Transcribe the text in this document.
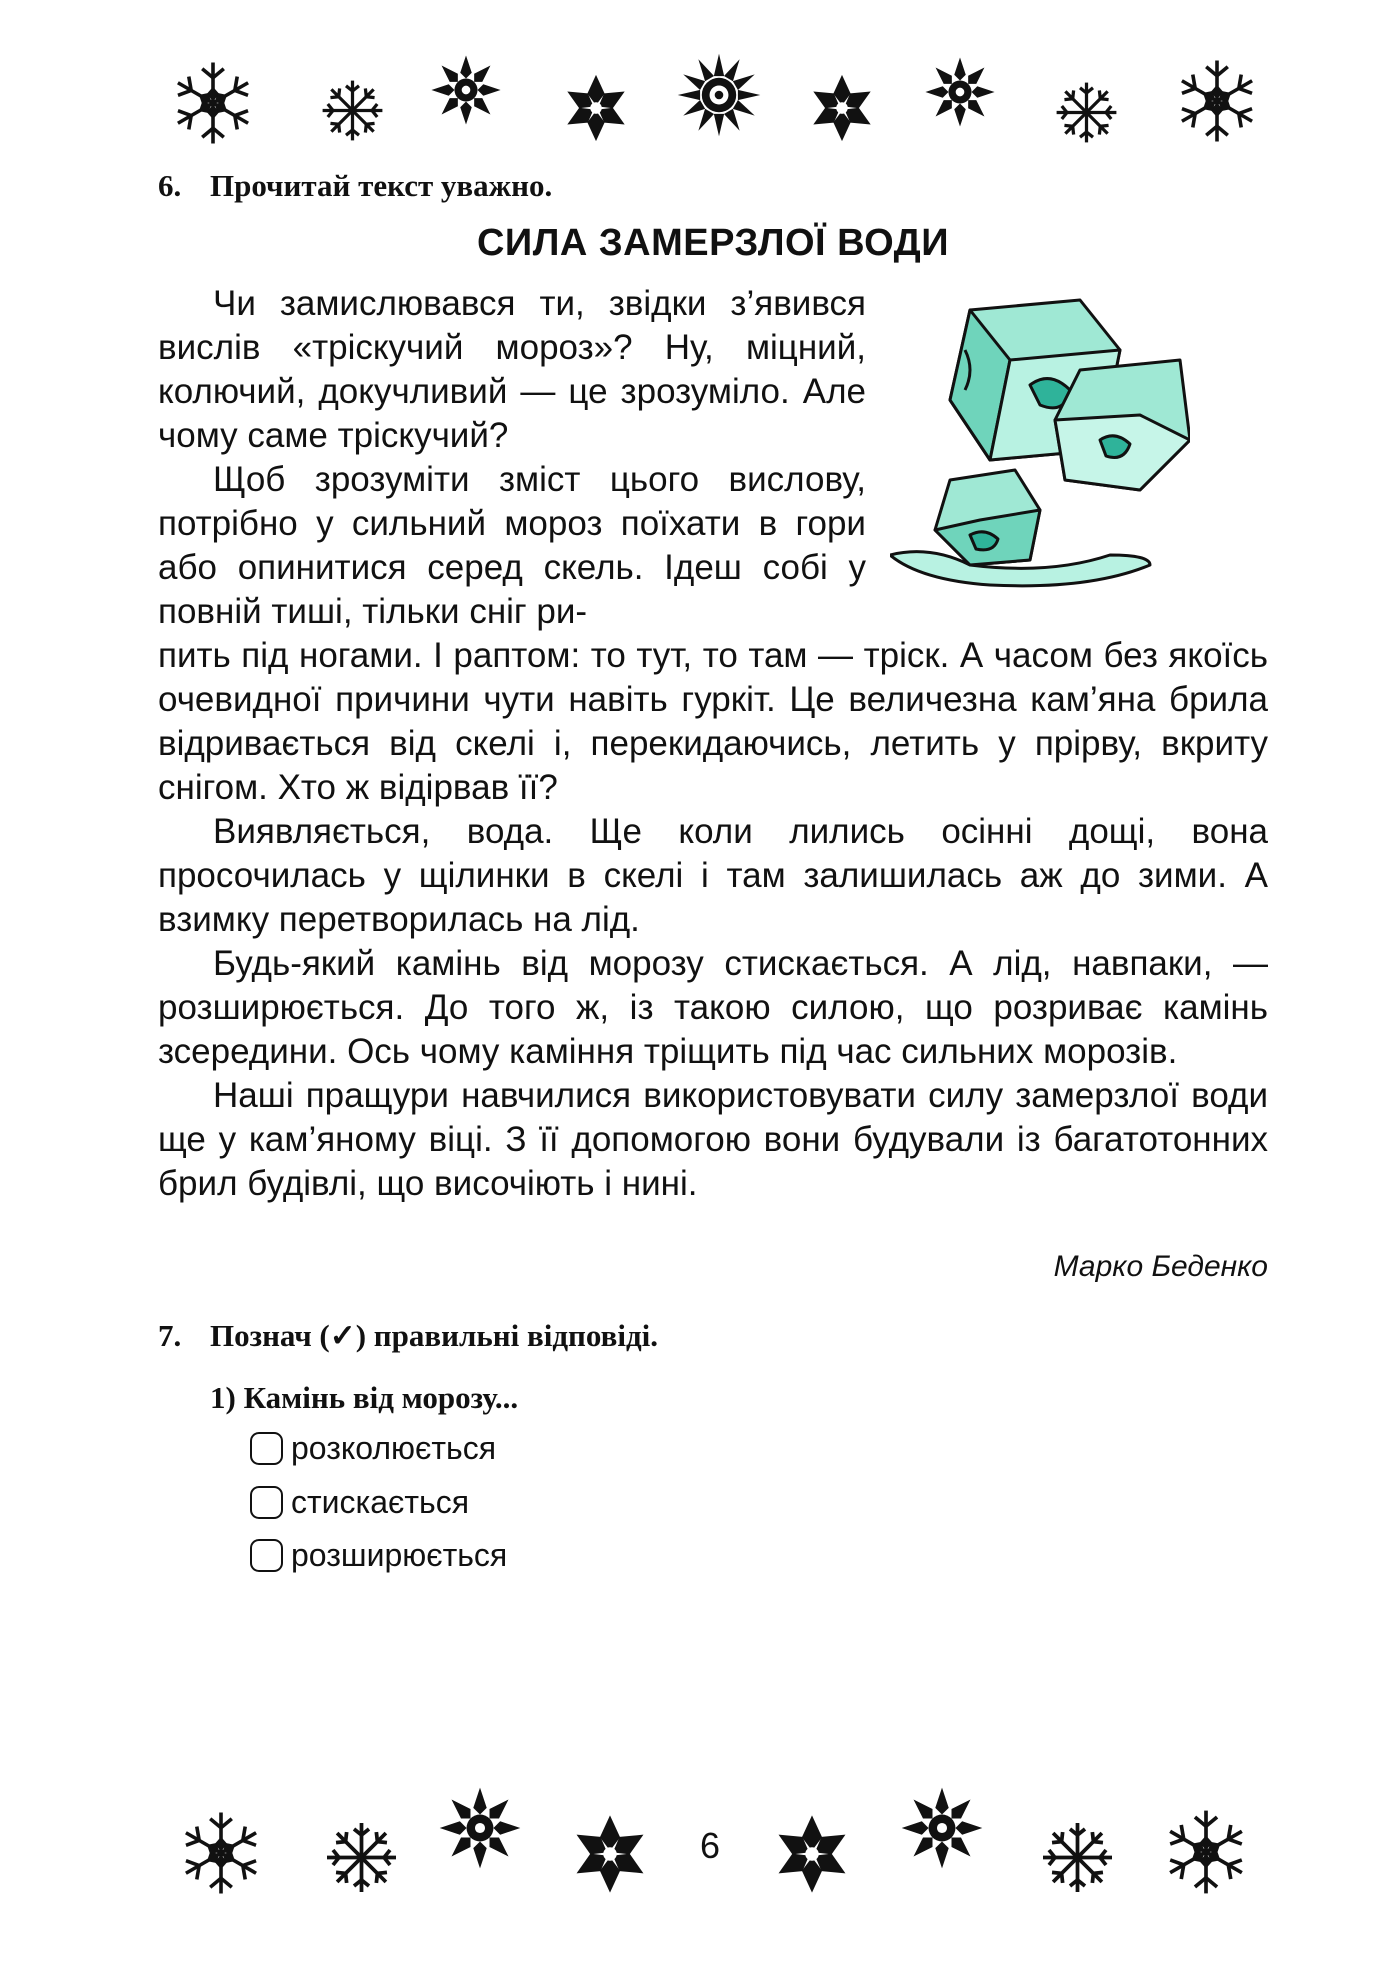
6. Прочитай текст уважно.
СИЛА ЗАМЕРЗЛОЇ ВОДИ

Чи замислювався ти, звідки з’явився вислів «тріскучий мороз»? Ну, міцний, колючий, докучливий — це зрозуміло. Але чому саме тріскучий?

Щоб зрозуміти зміст цього вислову, потрібно у сильний мороз поїхати в гори або опинитися серед скель. Ідеш собі у повній тиші, тільки сніг ри-

пить під ногами. І раптом: то тут, то там — тріск. А часом без якоїсь очевидної причини чути навіть гуркіт. Це величезна кам’яна брила відривається від скелі і, перекидаючись, летить у прірву, вкриту снігом. Хто ж відірвав її?

Виявляється, вода. Ще коли лились осінні дощі, вона просочилась у щілинки в скелі і там залишилась аж до зими. А взимку перетворилась на лід.

Будь-який камінь від морозу стискається. А лід, навпаки, — розширюється. До того ж, із такою силою, що розриває камінь зсередини. Ось чому каміння тріщить під час сильних морозів.

Наші пращури навчилися використовувати силу замерзлої води ще у кам’яному віці. З її допомогою вони будували із багатотонних брил будівлі, що височіють і нині.

Марко Беденко
7. Познач (✓) правильні відповіді.
1) Камінь від морозу...
розколюється
стискається
розширюється
6
